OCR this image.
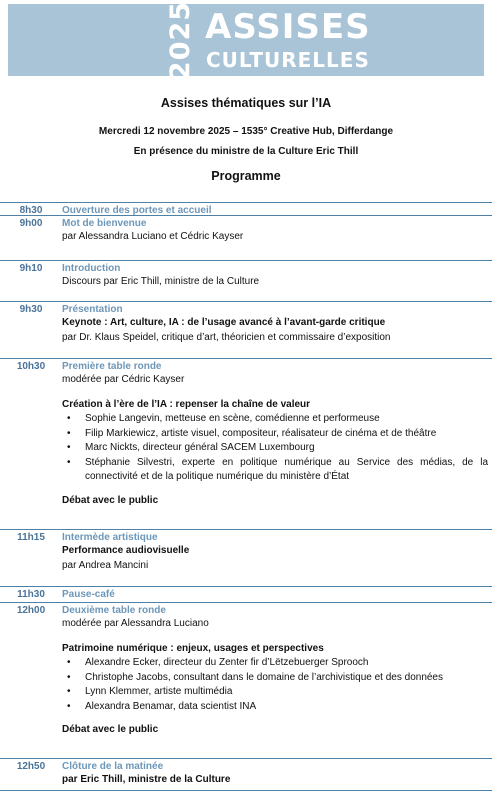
2025 ASSISES
CULTURELLES
Assises thématiques sur l’IA
Mercredi 12 novembre 2025 – 1535° Creative Hub, Differdange
En présence du ministre de la Culture Eric Thill
Programme
8h30	Ouverture des portes et accueil
9h00	Mot de bienvenue
par Alessandra Luciano et Cédric Kayser
9h10	Introduction
Discours par Eric Thill, ministre de la Culture
9h30	Présentation
Keynote : Art, culture, IA : de l’usage avancé à l’avant-garde critique
par Dr. Klaus Speidel, critique d’art, théoricien et commissaire d’exposition
10h30	Première table ronde
modérée par Cédric Kayser
Création à l’ère de l’IA : repenser la chaîne de valeur
• Sophie Langevin, metteuse en scène, comédienne et performeuse
• Filip Markiewicz, artiste visuel, compositeur, réalisateur de cinéma et de théâtre
• Marc Nickts, directeur général SACEM Luxembourg
• Stéphanie Silvestri, experte en politique numérique au Service des médias, de la connectivité et de la politique numérique du ministère d’État
Débat avec le public
11h15	Intermède artistique
Performance audiovisuelle
par Andrea Mancini
11h30	Pause-café
12h00	Deuxième table ronde
modérée par Alessandra Luciano
Patrimoine numérique : enjeux, usages et perspectives
• Alexandre Ecker, directeur du Zenter fir d’Lëtzebuerger Sprooch
• Christophe Jacobs, consultant dans le domaine de l’archivistique et des données
• Lynn Klemmer, artiste multimédia
• Alexandra Benamar, data scientist INA
Débat avec le public
12h50	Clôture de la matinée
par Eric Thill, ministre de la Culture
